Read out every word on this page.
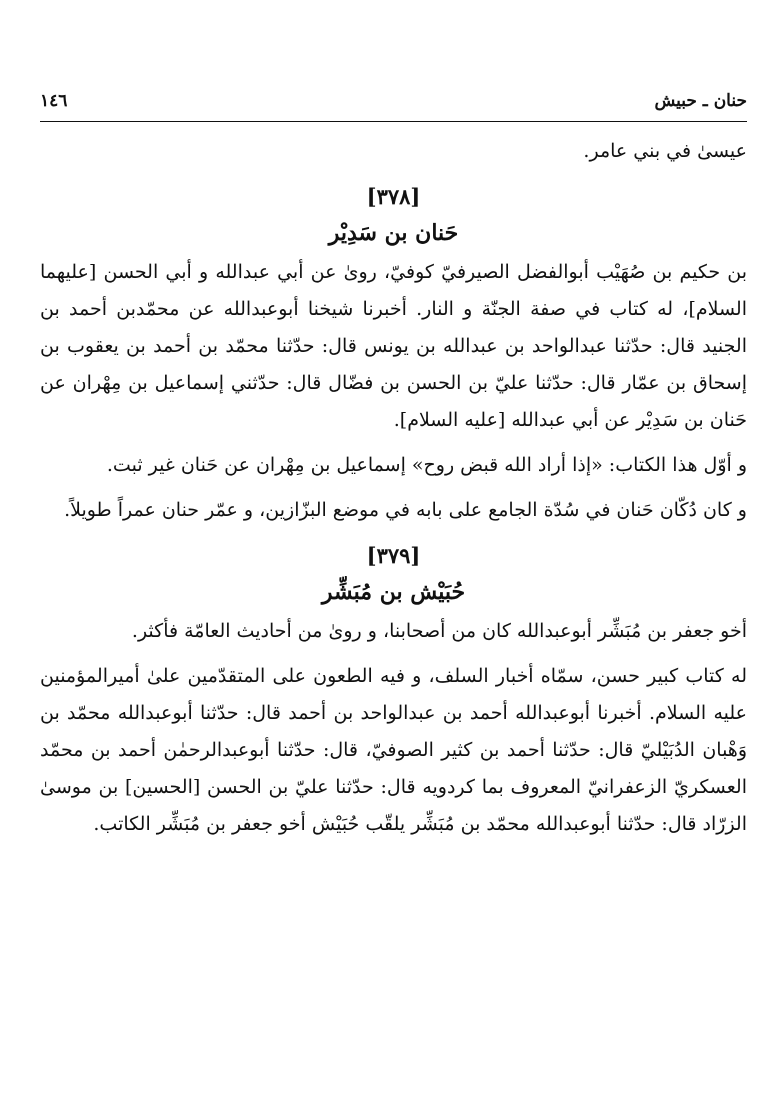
١٤٦	حنان ـ حبيش

عيسىٰ في بني عامر.

[٣٧٨]
حَنان بن سَدِيْر

بن حكيم بن صُهَيْب أبوالفضل الصيرفيّ كوفيّ، روىٰ عن أبي عبدالله و أبي الحسن [عليهما السلام]، له كتاب في صفة الجنّة و النار. أخبرنا شيخنا أبوعبدالله عن محمّدبن أحمد بن الجنيد قال: حدّثنا عبدالواحد بن عبدالله بن يونس قال: حدّثنا محمّد بن أحمد بن يعقوب بن إسحاق بن عمّار قال: حدّثنا عليّ بن الحسن بن فضّال قال: حدّثني إسماعيل بن مِهْران عن حَنان بن سَدِيْر عن أبي عبدالله [عليه السلام].

و أوّل هذا الكتاب: «إذا أراد الله قبض روح» إسماعيل بن مِهْران عن حَنان غير ثبت.

و كان دُكّان حَنان في سُدّة الجامع على بابه في موضع البزّازين، و عمّر حنان عمراً طويلاً.

[٣٧٩]
حُبَيْش بن مُبَشِّر

أخو جعفر بن مُبَشِّر أبوعبدالله كان من أصحابنا، و روىٰ من أحاديث العامّة فأكثر.

له كتاب كبير حسن، سمّاه أخبار السلف، و فيه الطعون على المتقدّمين علىٰ أميرالمؤمنين عليه السلام. أخبرنا أبوعبدالله أحمد بن عبدالواحد بن أحمد قال: حدّثنا أبوعبدالله محمّد بن وَهْبان الدُبَيْليّ قال: حدّثنا أحمد بن كثير الصوفيّ، قال: حدّثنا أبوعبدالرحمٰن أحمد بن محمّد العسكريّ الزعفرانيّ المعروف بما كردويه قال: حدّثنا عليّ بن الحسن [الحسين] بن موسىٰ الزرّاد قال: حدّثنا أبوعبدالله محمّد بن مُبَشِّر يلقّب حُبَيْش أخو جعفر بن مُبَشِّر الكاتب.
